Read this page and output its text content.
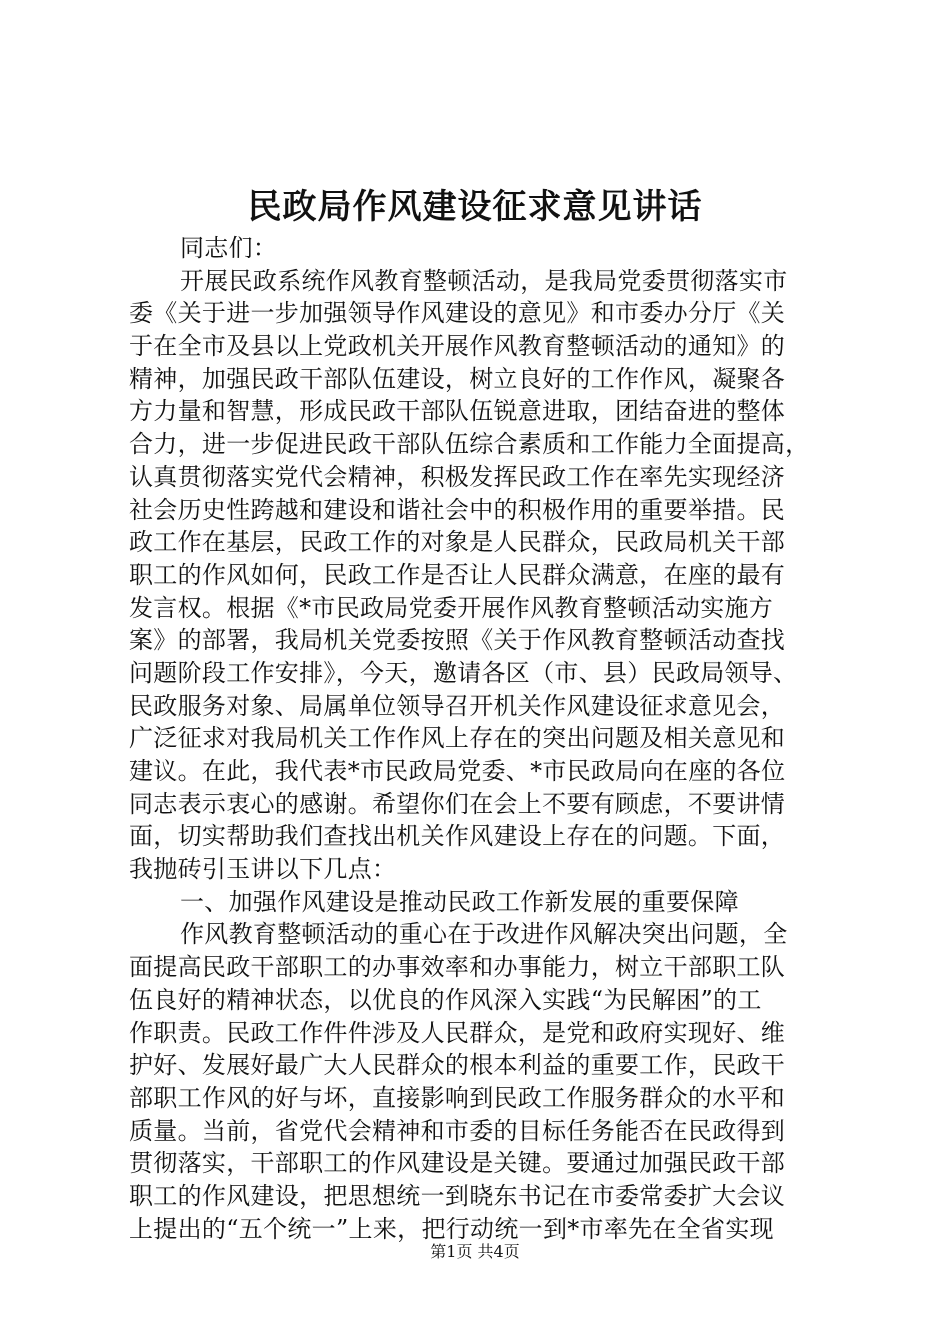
民政局作风建设征求意见讲话
同志们：
开展民政系统作风教育整顿活动，是我局党委贯彻落实市
委《关于进一步加强领导作风建设的意见》和市委办分厅《关
于在全市及县以上党政机关开展作风教育整顿活动的通知》的
精神，加强民政干部队伍建设，树立良好的工作作风，凝聚各
方力量和智慧，形成民政干部队伍锐意进取，团结奋进的整体
合力，进一步促进民政干部队伍综合素质和工作能力全面提高，
认真贯彻落实党代会精神，积极发挥民政工作在率先实现经济
社会历史性跨越和建设和谐社会中的积极作用的重要举措。民
政工作在基层，民政工作的对象是人民群众，民政局机关干部
职工的作风如何，民政工作是否让人民群众满意，在座的最有
发言权。根据《*市民政局党委开展作风教育整顿活动实施方
案》的部署，我局机关党委按照《关于作风教育整顿活动查找
问题阶段工作安排》，今天，邀请各区（市、县）民政局领导、
民政服务对象、局属单位领导召开机关作风建设征求意见会，
广泛征求对我局机关工作作风上存在的突出问题及相关意见和
建议。在此，我代表*市民政局党委、*市民政局向在座的各位
同志表示衷心的感谢。希望你们在会上不要有顾虑，不要讲情
面，切实帮助我们查找出机关作风建设上存在的问题。下面，
我抛砖引玉讲以下几点：
一、加强作风建设是推动民政工作新发展的重要保障
作风教育整顿活动的重心在于改进作风解决突出问题，全
面提高民政干部职工的办事效率和办事能力，树立干部职工队
伍良好的精神状态，以优良的作风深入实践“为民解困”的工
作职责。民政工作件件涉及人民群众，是党和政府实现好、维
护好、发展好最广大人民群众的根本利益的重要工作，民政干
部职工作风的好与坏，直接影响到民政工作服务群众的水平和
质量。当前，省党代会精神和市委的目标任务能否在民政得到
贯彻落实，干部职工的作风建设是关键。要通过加强民政干部
职工的作风建设，把思想统一到晓东书记在市委常委扩大会议
上提出的“五个统一”上来，把行动统一到*市率先在全省实现
第1页 共4页
